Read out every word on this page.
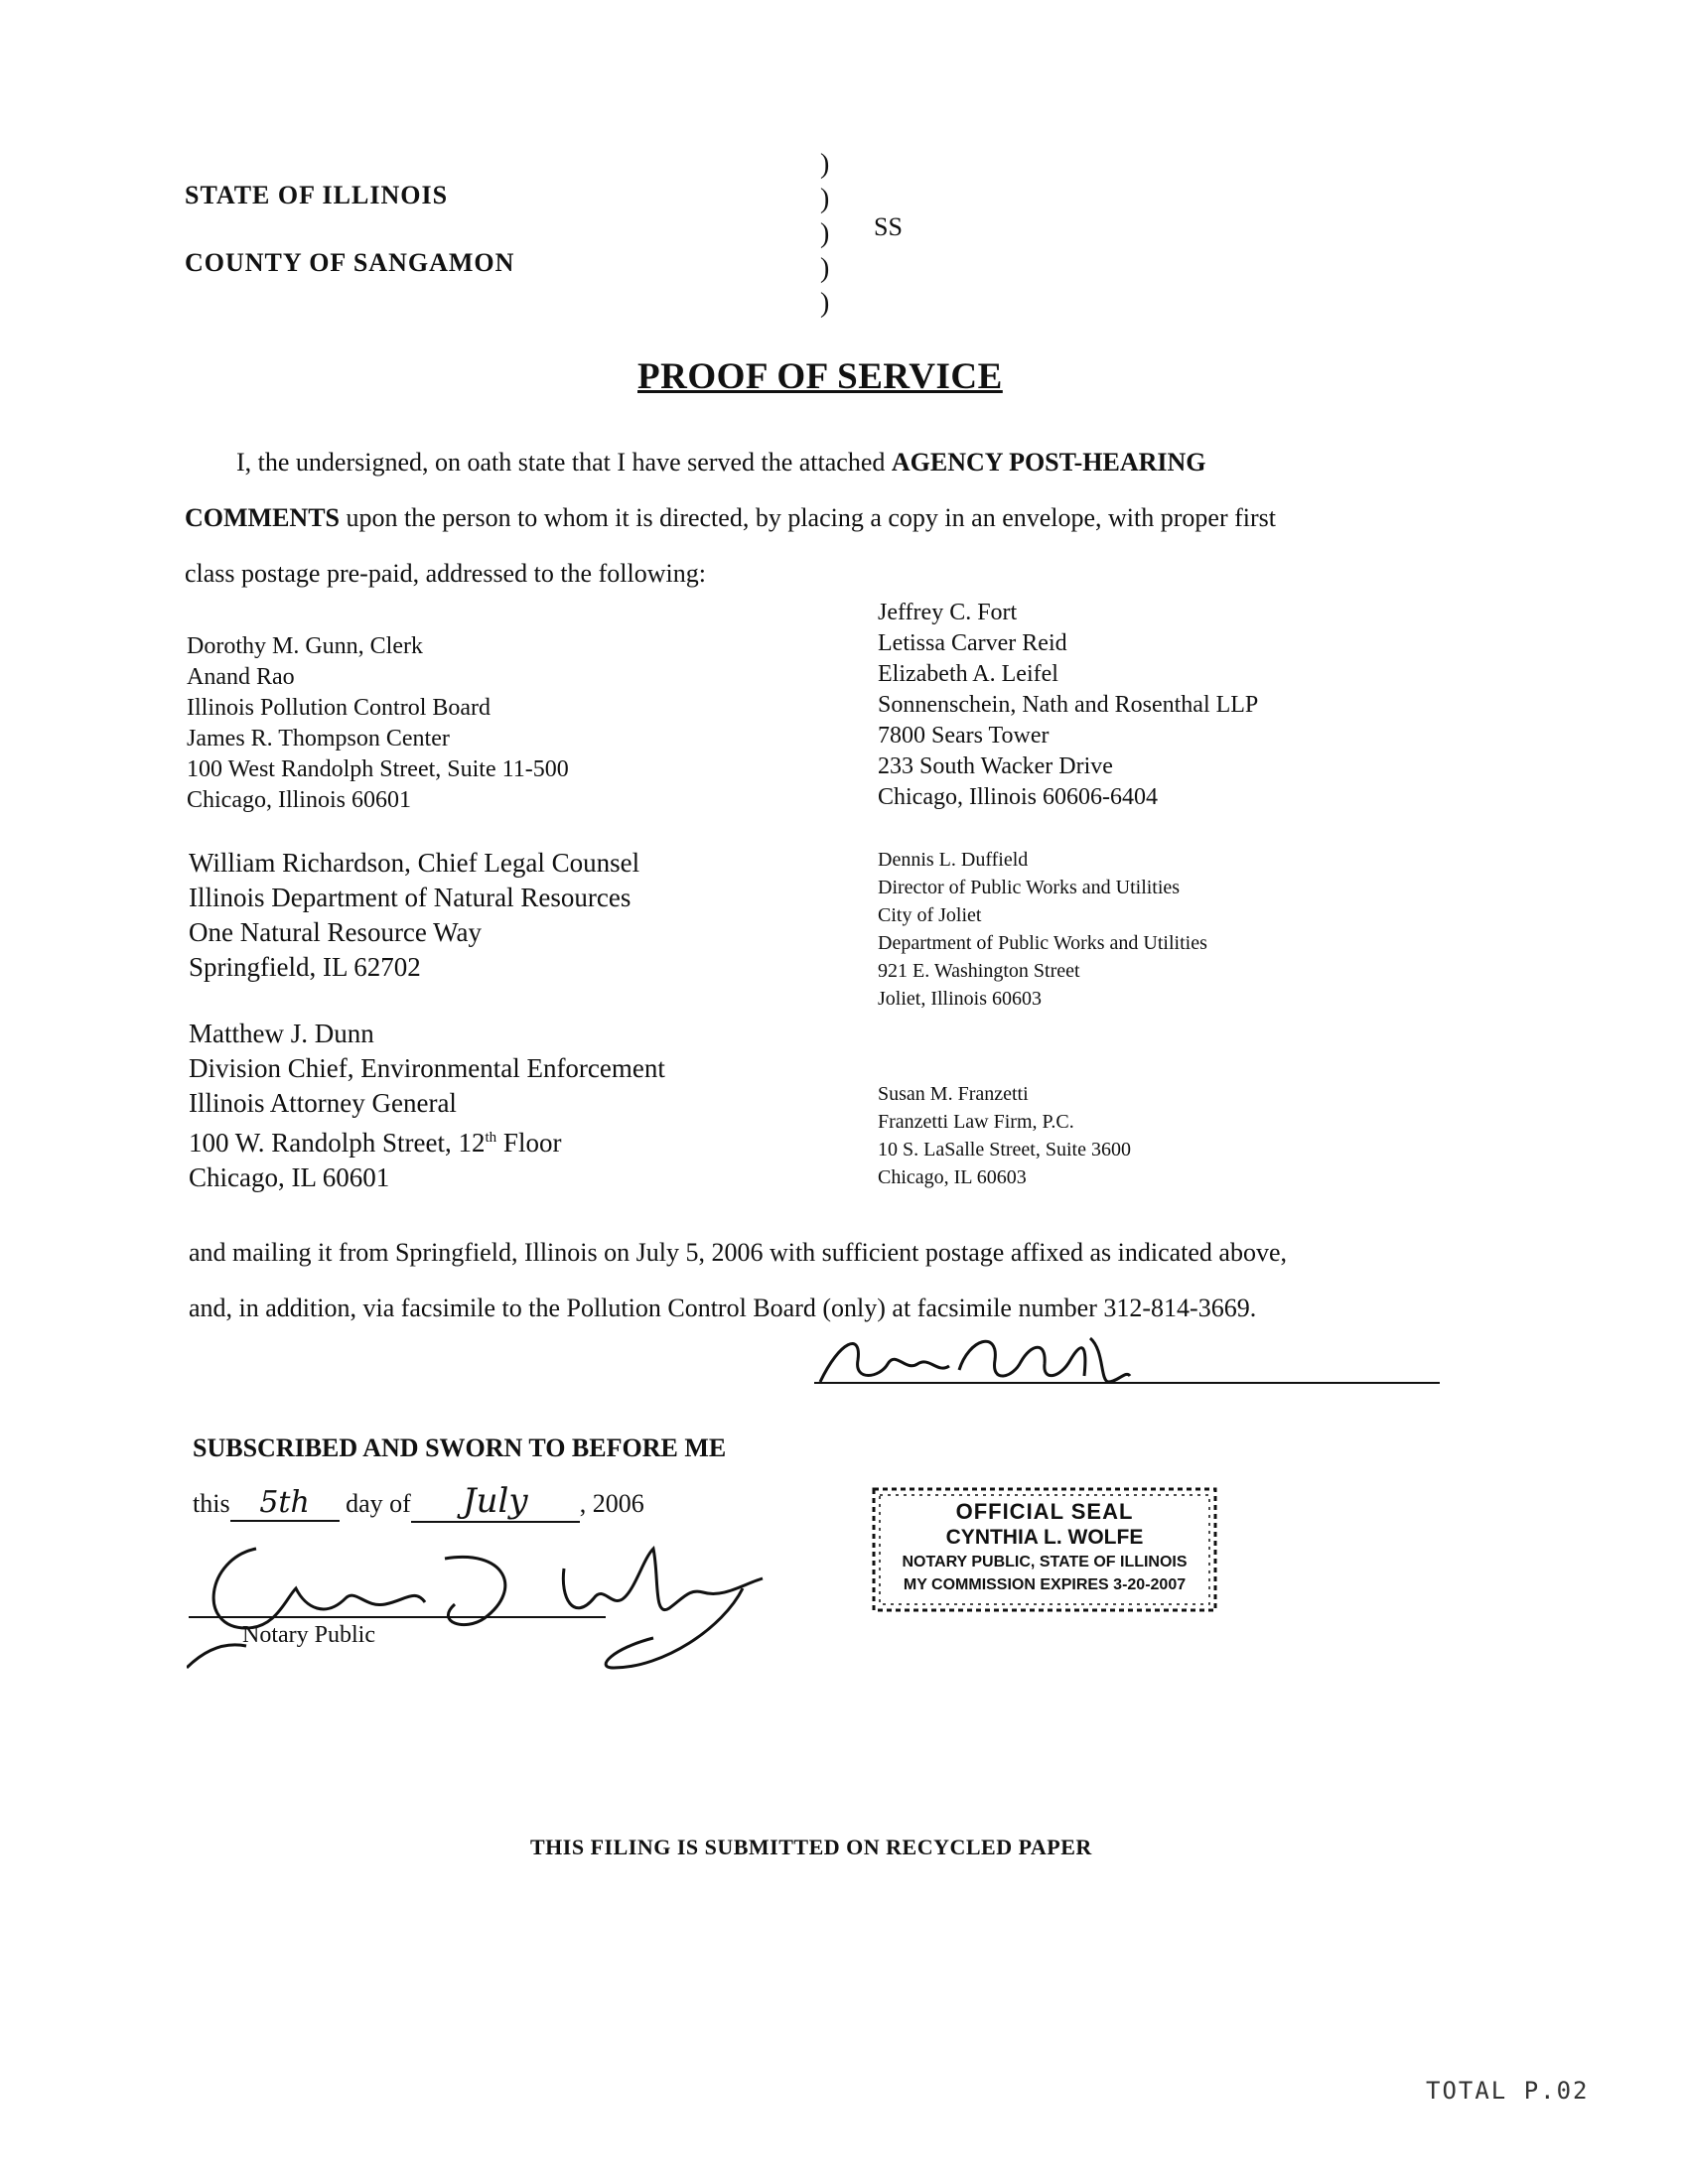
STATE OF ILLINOIS
COUNTY OF SANGAMON
)
)
)
)
)
SS
PROOF OF SERVICE
I, the undersigned, on oath state that I have served the attached AGENCY POST-HEARING
COMMENTS upon the person to whom it is directed, by placing a copy in an envelope, with proper first
class postage pre-paid, addressed to the following:
Dorothy M. Gunn, Clerk
Anand Rao
Illinois Pollution Control Board
James R. Thompson Center
100 West Randolph Street, Suite 11-500
Chicago, Illinois 60601
William Richardson, Chief Legal Counsel
Illinois Department of Natural Resources
One Natural Resource Way
Springfield, IL 62702
Matthew J. Dunn
Division Chief, Environmental Enforcement
Illinois Attorney General
100 W. Randolph Street, 12th Floor
Chicago, IL 60601
Jeffrey C. Fort
Letissa Carver Reid
Elizabeth A. Leifel
Sonnenschein, Nath and Rosenthal LLP
7800 Sears Tower
233 South Wacker Drive
Chicago, Illinois 60606-6404
Dennis L. Duffield
Director of Public Works and Utilities
City of Joliet
Department of Public Works and Utilities
921 E. Washington Street
Joliet, Illinois 60603
Susan M. Franzetti
Franzetti Law Firm, P.C.
10 S. LaSalle Street, Suite 3600
Chicago, IL 60603
and mailing it from Springfield, Illinois on July 5, 2006 with sufficient postage affixed as indicated above,
and, in addition, via facsimile to the Pollution Control Board (only) at facsimile number 312-814-3669.
SUBSCRIBED AND SWORN TO BEFORE ME
this 5th day of July , 2006
Notary Public
OFFICIAL SEAL
CYNTHIA L. WOLFE
NOTARY PUBLIC, STATE OF ILLINOIS
MY COMMISSION EXPIRES 3-20-2007
THIS FILING IS SUBMITTED ON RECYCLED PAPER
TOTAL P.02
